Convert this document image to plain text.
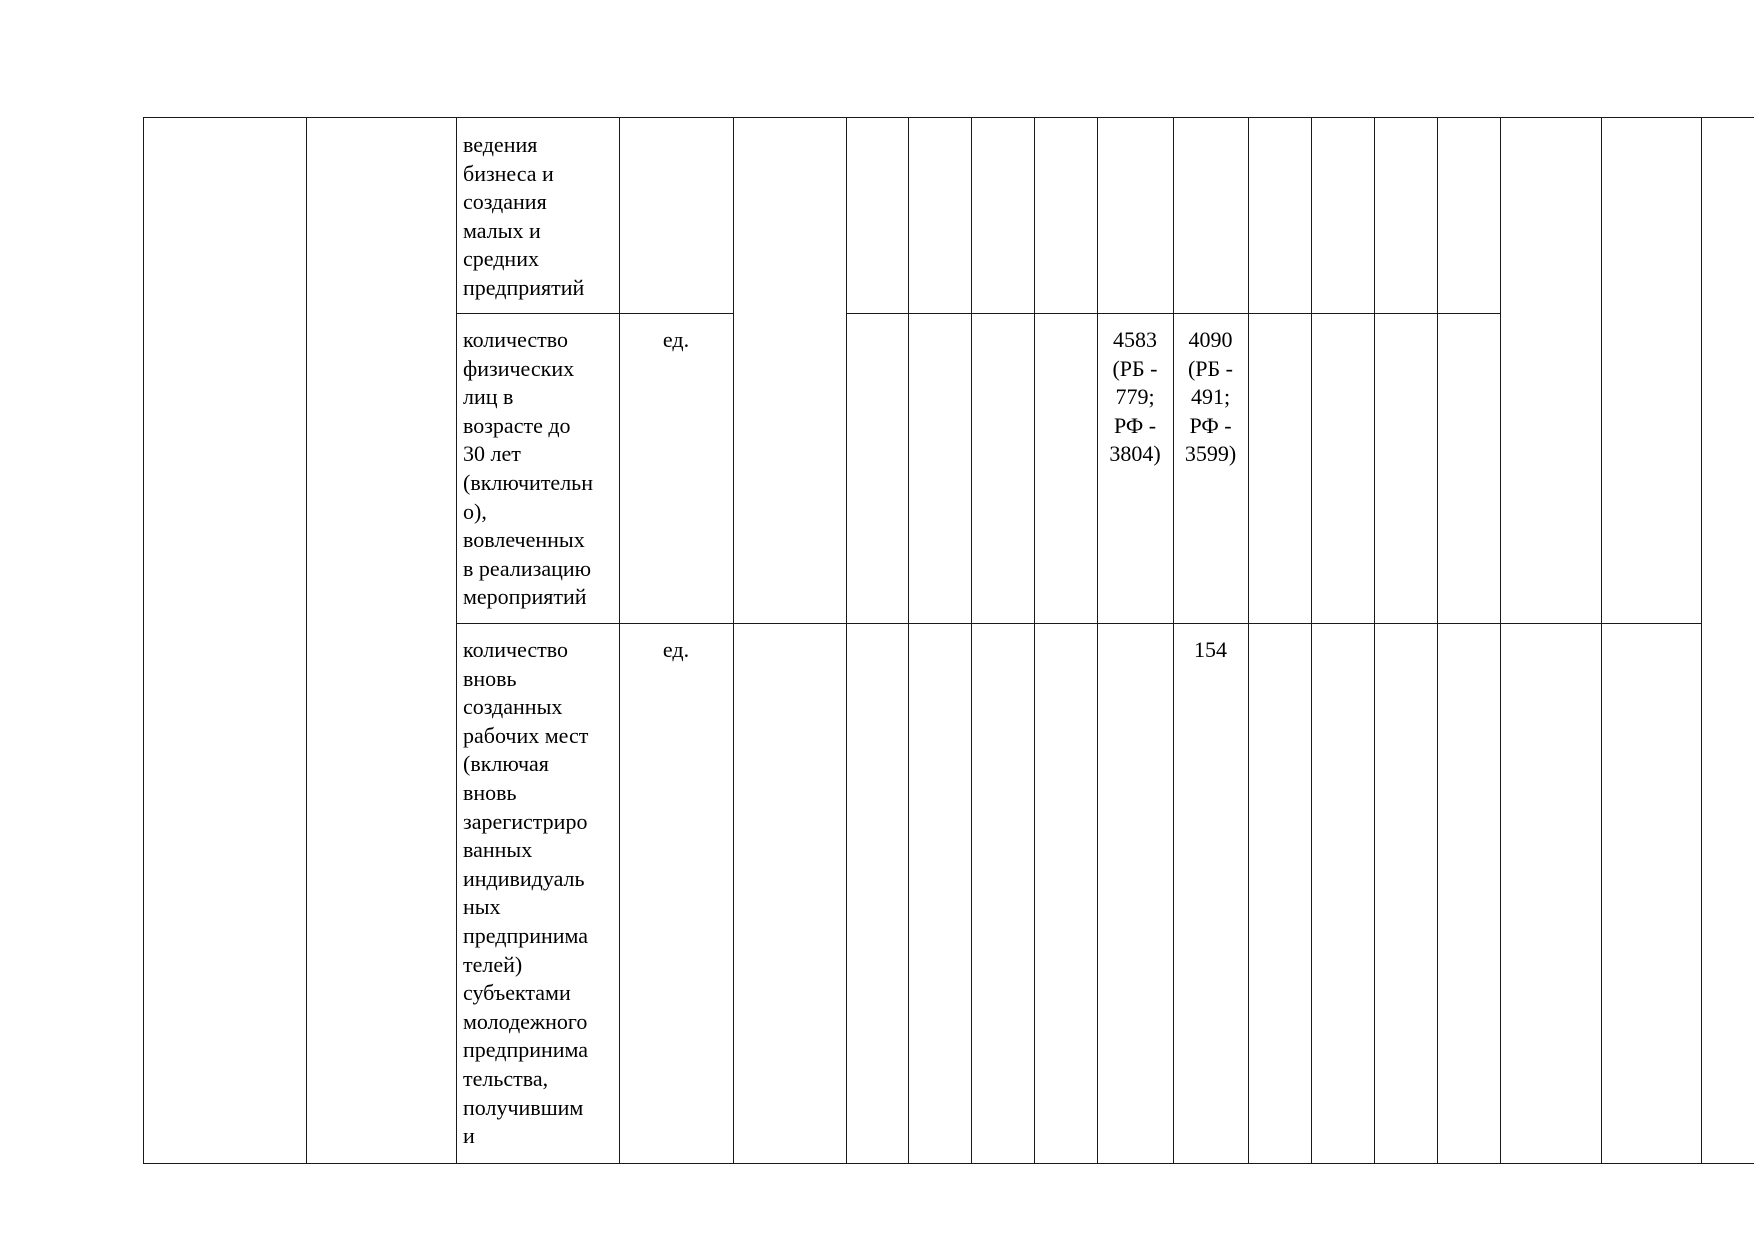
ведения
бизнеса и
создания
малых и
средних
предприятий
количество
физических
лиц в
возрасте до
30 лет
(включительн
о),
вовлеченных
в реализацию
мероприятий
ед.	4583
(РБ -
779;
РФ -
3804)
4090
(РБ -
491;
РФ -
3599)
количество
вновь
созданных
рабочих мест
(включая
вновь
зарегистриро
ванных
индивидуаль
ных
предпринима
телей)
субъектами
молодежного
предпринима
тельства,
получившим
и
ед.	154
